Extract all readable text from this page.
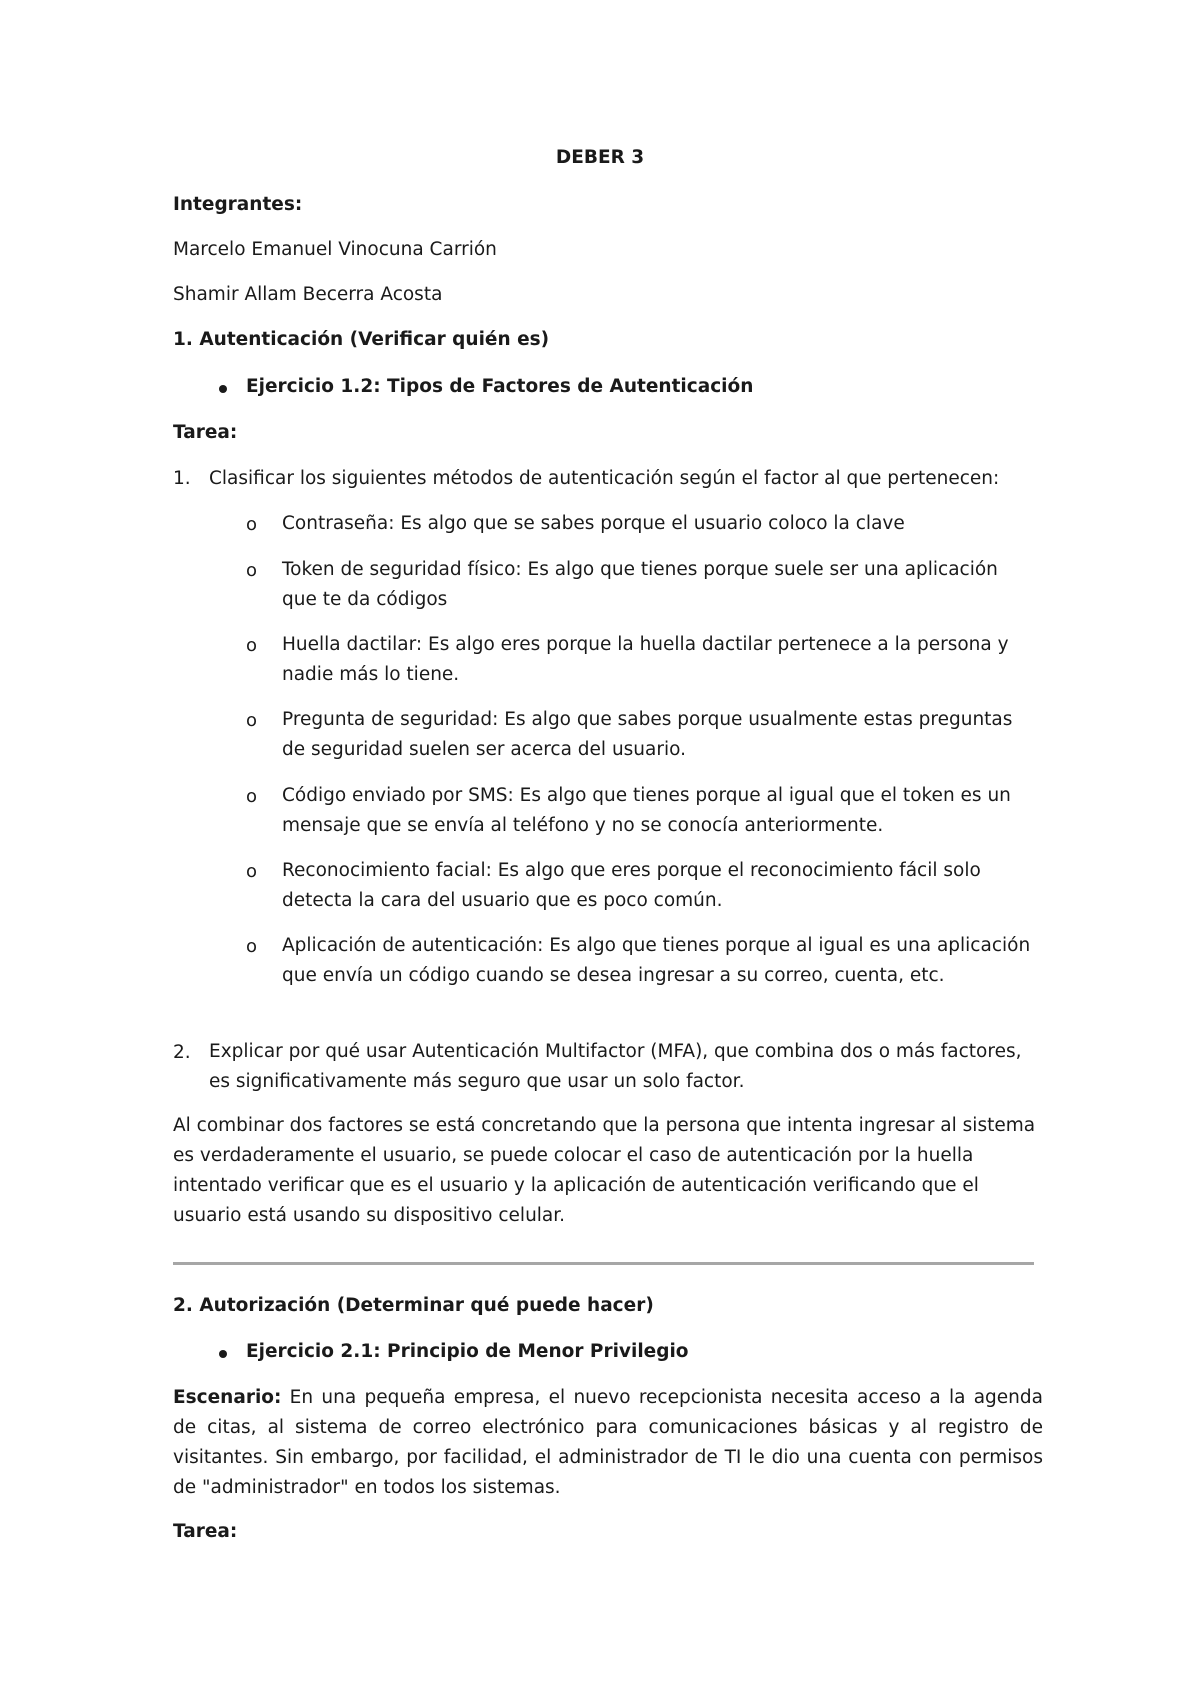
DEBER 3

Integrantes:

Marcelo Emanuel Vinocuna Carrión

Shamir Allam Becerra Acosta

1. Autenticación (Verificar quién es)

Ejercicio 1.2: Tipos de Factores de Autenticación

Tarea:

1. Clasificar los siguientes métodos de autenticación según el factor al que pertenecen:

o Contraseña: Es algo que se sabes porque el usuario coloco la clave

o Token de seguridad físico: Es algo que tienes porque suele ser una aplicación que te da códigos

o Huella dactilar: Es algo eres porque la huella dactilar pertenece a la persona y nadie más lo tiene.

o Pregunta de seguridad: Es algo que sabes porque usualmente estas preguntas de seguridad suelen ser acerca del usuario.

o Código enviado por SMS: Es algo que tienes porque al igual que el token es un mensaje que se envía al teléfono y no se conocía anteriormente.

o Reconocimiento facial: Es algo que eres porque el reconocimiento fácil solo detecta la cara del usuario que es poco común.

o Aplicación de autenticación: Es algo que tienes porque al igual es una aplicación que envía un código cuando se desea ingresar a su correo, cuenta, etc.

2. Explicar por qué usar Autenticación Multifactor (MFA), que combina dos o más factores, es significativamente más seguro que usar un solo factor.

Al combinar dos factores se está concretando que la persona que intenta ingresar al sistema es verdaderamente el usuario, se puede colocar el caso de autenticación por la huella intentado verificar que es el usuario y la aplicación de autenticación verificando que el usuario está usando su dispositivo celular.

2. Autorización (Determinar qué puede hacer)

Ejercicio 2.1: Principio de Menor Privilegio

Escenario: En una pequeña empresa, el nuevo recepcionista necesita acceso a la agenda de citas, al sistema de correo electrónico para comunicaciones básicas y al registro de visitantes. Sin embargo, por facilidad, el administrador de TI le dio una cuenta con permisos de "administrador" en todos los sistemas.

Tarea:
